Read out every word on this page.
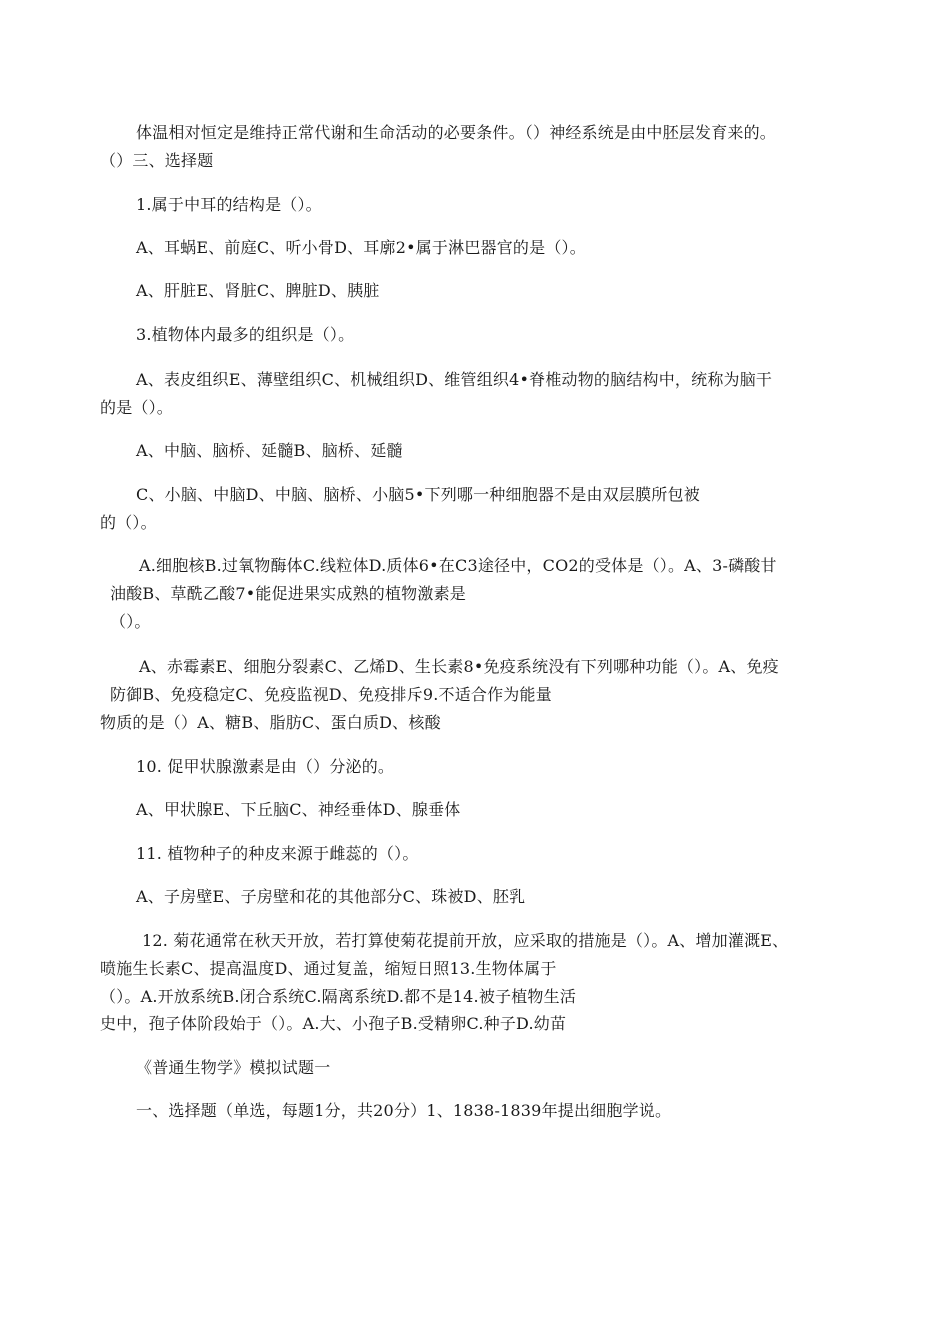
体温相对恒定是维持正常代谢和生命活动的必要条件。（）神经系统是由中胚层发育来的。

（）三、选择题

1.属于中耳的结构是（）。

A、耳蜗E、前庭C、听小骨D、耳廓2•属于淋巴器官的是（）。

A、肝脏E、肾脏C、脾脏D、胰脏

3.植物体内最多的组织是（）。

A、表皮组织E、薄壁组织C、机械组织D、维管组织4•脊椎动物的脑结构中，统称为脑干

的是（）。

A、中脑、脑桥、延髓B、脑桥、延髓

C、小脑、中脑D、中脑、脑桥、小脑5•下列哪一种细胞器不是由双层膜所包被

的（）。

A.细胞核B.过氧物酶体C.线粒体D.质体6•在C3途径中，CO2的受体是（）。A、3-磷酸甘

油酸B、草酰乙酸7•能促进果实成熟的植物激素是

（）。

A、赤霉素E、细胞分裂素C、乙烯D、生长素8•免疫系统没有下列哪种功能（）。A、免疫

防御B、免疫稳定C、免疫监视D、免疫排斥9.不适合作为能量

物质的是（）A、糖B、脂肪C、蛋白质D、核酸

10. 促甲状腺激素是由（）分泌的。

A、甲状腺E、下丘脑C、神经垂体D、腺垂体

11. 植物种子的种皮来源于雌蕊的（）。

A、子房壁E、子房壁和花的其他部分C、珠被D、胚乳

12. 菊花通常在秋天开放，若打算使菊花提前开放，应采取的措施是（）。A、增加灌溉E、

喷施生长素C、提高温度D、通过复盖，缩短日照13.生物体属于

（）。A.开放系统B.闭合系统C.隔离系统D.都不是14.被子植物生活

史中，孢子体阶段始于（）。A.大、小孢子B.受精卵C.种子D.幼苗

《普通生物学》模拟试题一

一、选择题（单选，每题1分，共20分）1、1838-1839年提出细胞学说。
